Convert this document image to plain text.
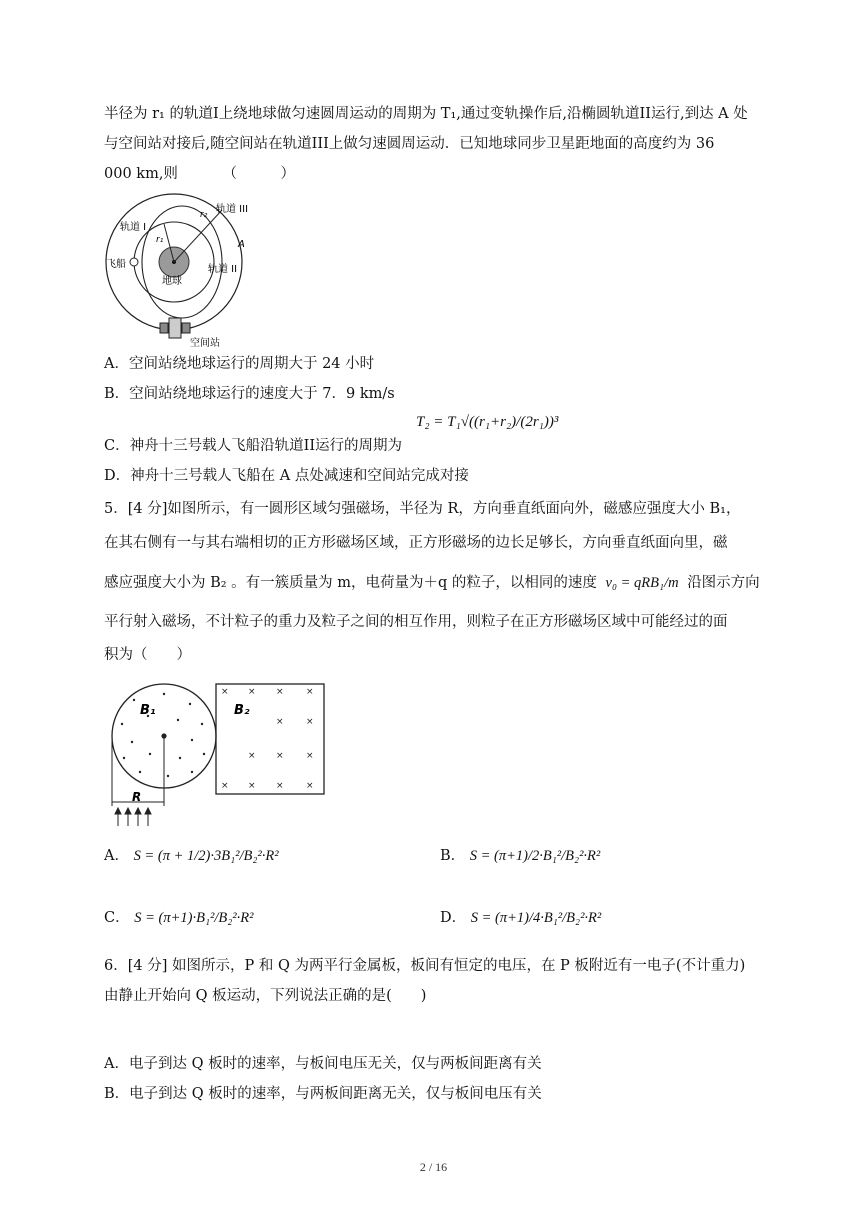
半径为 r₁ 的轨道I上绕地球做匀速圆周运动的周期为 T₁,通过变轨操作后,沿椭圆轨道II运行,到达 A 处
与空间站对接后,随空间站在轨道III上做匀速圆周运动．已知地球同步卫星距地面的高度约为 36
000 km,则	（　　　）
轨道 I
轨道 III
轨道 II
A
飞船
地球
空间站
r₁
r₂
A．空间站绕地球运行的周期大于 24 小时
B．空间站绕地球运行的速度大于 7．9 km/s
C．神舟十三号载人飞船沿轨道II运行的周期为
T₂ = T₁√((r₁+r₂)/(2r₁))³
D．神舟十三号载人飞船在 A 点处减速和空间站完成对接
5．[4 分]如图所示，有一圆形区域匀强磁场，半径为 R，方向垂直纸面向外，磁感应强度大小 B₁，
在其右侧有一与其右端相切的正方形磁场区域，正方形磁场的边长足够长，方向垂直纸面向里，磁
感应强度大小为 B₂ 。有一簇质量为 m，电荷量为＋q 的粒子，以相同的速度 v₀ = qRB₁/m 沿图示方向
平行射入磁场，不计粒子的重力及粒子之间的相互作用，则粒子在正方形磁场区域中可能经过的面
积为（　　）
× × × ×
× ×
× × ×
× × × ×
B₁	B₂
R
A． S = (π + 1/2)·3B₁²/B₂²·R²	B． S = (π+1)/2·B₁²/B₂²·R²
C． S = (π+1)·B₁²/B₂²·R²	D． S = (π+1)/4·B₁²/B₂²·R²
6．[4 分] 如图所示，P 和 Q 为两平行金属板，板间有恒定的电压，在 P 板附近有一电子(不计重力)
由静止开始向 Q 板运动，下列说法正确的是(　　)
A．电子到达 Q 板时的速率，与板间电压无关，仅与两板间距离有关
B．电子到达 Q 板时的速率，与两板间距离无关，仅与板间电压有关
2 / 16
